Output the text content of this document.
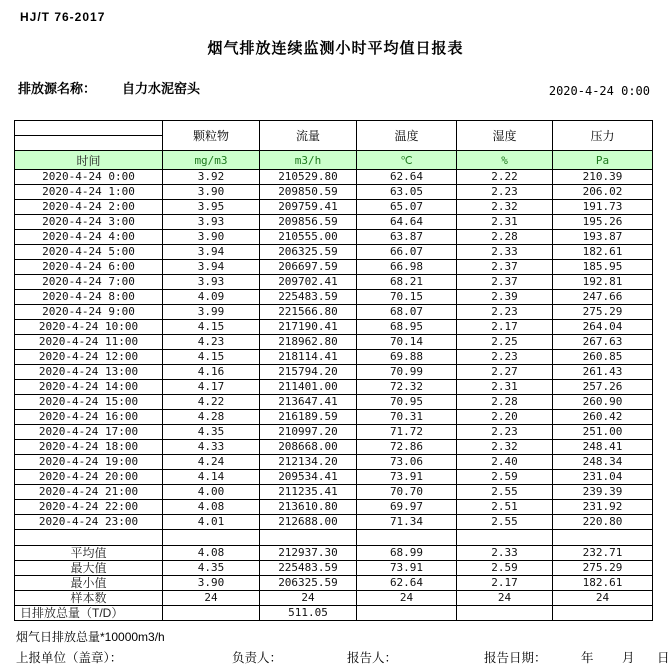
HJ/T 76-2017
烟气排放连续监测小时平均值日报表
排放源名称： 自力水泥窑头	2020-4-24 0:00
	颗粒物	流量	温度	湿度	压力
时间	mg/m3	m3/h	℃	%	Pa
2020-4-24 0:00	3.92	210529.80	62.64	2.22	210.39
2020-4-24 1:00	3.90	209850.59	63.05	2.23	206.02
2020-4-24 2:00	3.95	209759.41	65.07	2.32	191.73
2020-4-24 3:00	3.93	209856.59	64.64	2.31	195.26
2020-4-24 4:00	3.90	210555.00	63.87	2.28	193.87
2020-4-24 5:00	3.94	206325.59	66.07	2.33	182.61
2020-4-24 6:00	3.94	206697.59	66.98	2.37	185.95
2020-4-24 7:00	3.93	209702.41	68.21	2.37	192.81
2020-4-24 8:00	4.09	225483.59	70.15	2.39	247.66
2020-4-24 9:00	3.99	221566.80	68.07	2.23	275.29
2020-4-24 10:00	4.15	217190.41	68.95	2.17	264.04
2020-4-24 11:00	4.23	218962.80	70.14	2.25	267.63
2020-4-24 12:00	4.15	218114.41	69.88	2.23	260.85
2020-4-24 13:00	4.16	215794.20	70.99	2.27	261.43
2020-4-24 14:00	4.17	211401.00	72.32	2.31	257.26
2020-4-24 15:00	4.22	213647.41	70.95	2.28	260.90
2020-4-24 16:00	4.28	216189.59	70.31	2.20	260.42
2020-4-24 17:00	4.35	210997.20	71.72	2.23	251.00
2020-4-24 18:00	4.33	208668.00	72.86	2.32	248.41
2020-4-24 19:00	4.24	212134.20	73.06	2.40	248.34
2020-4-24 20:00	4.14	209534.41	73.91	2.59	231.04
2020-4-24 21:00	4.00	211235.41	70.70	2.55	239.39
2020-4-24 22:00	4.08	213610.80	69.97	2.51	231.92
2020-4-24 23:00	4.01	212688.00	71.34	2.55	220.80

平均值	4.08	212937.30	68.99	2.33	232.71
最大值	4.35	225483.59	73.91	2.59	275.29
最小值	3.90	206325.59	62.64	2.17	182.61
样本数	24	24	24	24	24
日排放总量（T/D）		511.05			
烟气日排放总量*10000m3/h
上报单位（盖章）：	负责人：	报告人：	报告日期：	年 月 日
